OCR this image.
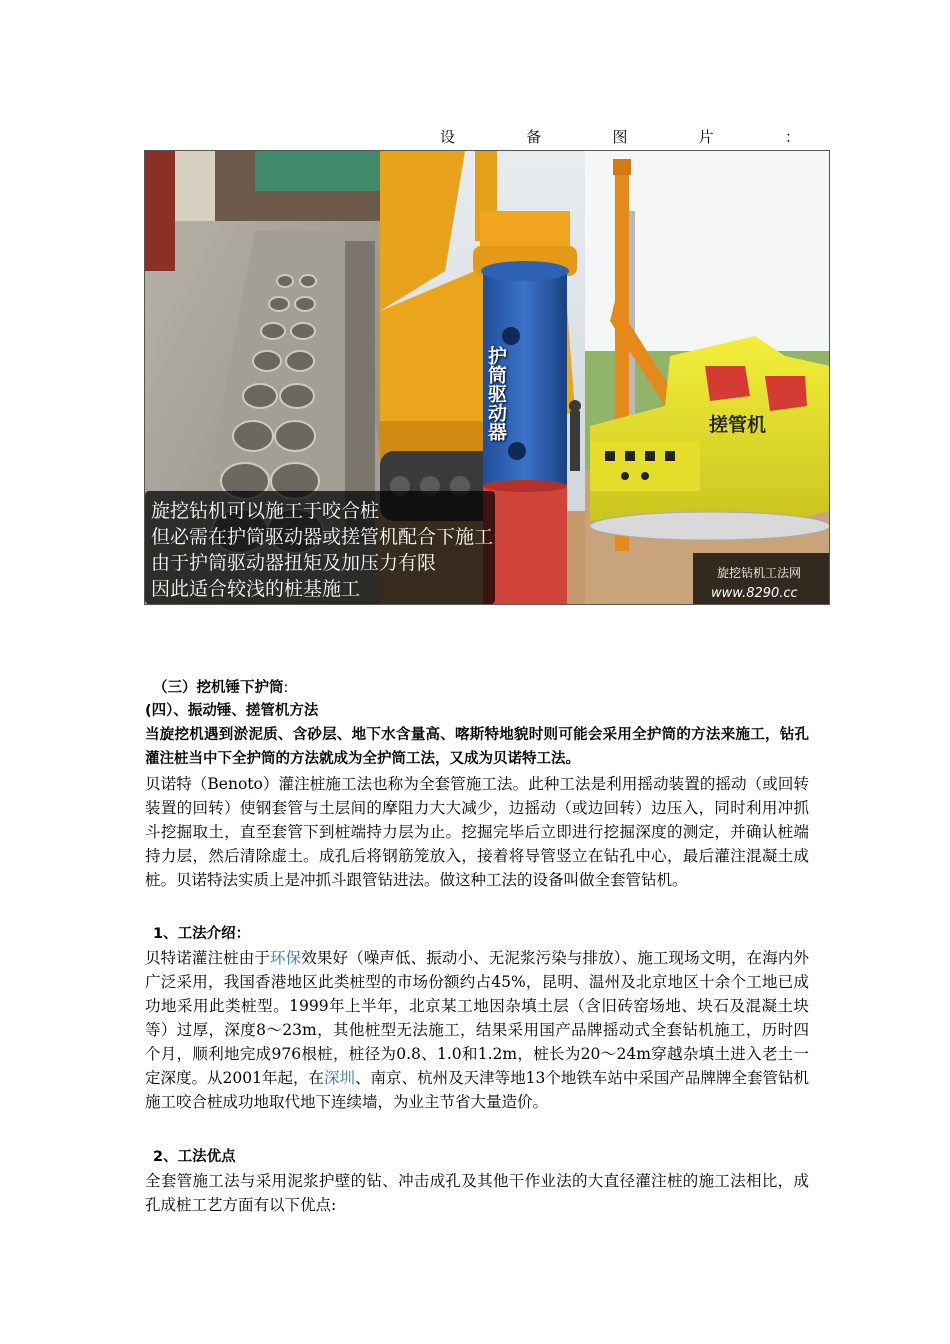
设	备	图	片	：
旋挖钻机可以施工于咬合桩
但必需在护筒驱动器或搓管机配合下施工
由于护筒驱动器扭矩及加压力有限
因此适合较浅的桩基施工
护筒驱动器	搓管机
旋挖钻机工法网
www.8290.cc
（三）挖机锤下护筒:
(四）、振动锤、搓管机方法
当旋挖机遇到淤泥质、含砂层、地下水含量高、喀斯特地貌时则可能会采用全护筒的方法来施工，钻孔灌注桩当中下全护筒的方法就成为全护筒工法，又成为贝诺特工法。
贝诺特（Benoto）灌注桩施工法也称为全套管施工法。此种工法是利用摇动装置的摇动（或回转装置的回转）使钢套管与土层间的摩阻力大大减少，边摇动（或边回转）边压入，同时利用冲抓斗挖掘取土，直至套管下到桩端持力层为止。挖掘完毕后立即进行挖掘深度的测定，并确认桩端持力层，然后清除虚土。成孔后将钢筋笼放入，接着将导管竖立在钻孔中心，最后灌注混凝土成桩。贝诺特法实质上是冲抓斗跟管钻进法。做这种工法的设备叫做全套管钻机。
1、工法介绍：
贝特诺灌注桩由于环保效果好（噪声低、振动小、无泥浆污染与排放）、施工现场文明，在海内外广泛采用，我国香港地区此类桩型的市场份额约占45%，昆明、温州及北京地区十余个工地已成功地采用此类桩型。1999年上半年，北京某工地因杂填土层（含旧砖窑场地、块石及混凝土块等）过厚，深度8～23m，其他桩型无法施工，结果采用国产品牌摇动式全套钻机施工，历时四个月，顺利地完成976根桩，桩径为0.8、1.0和1.2m，桩长为20～24m穿越杂填土进入老土一定深度。从2001年起，在深圳、南京、杭州及天津等地13个地铁车站中采国产品牌牌全套管钻机施工咬合桩成功地取代地下连续墙，为业主节省大量造价。
2、工法优点
全套管施工法与采用泥浆护壁的钻、冲击成孔及其他干作业法的大直径灌注桩的施工法相比，成孔成桩工艺方面有以下优点:
